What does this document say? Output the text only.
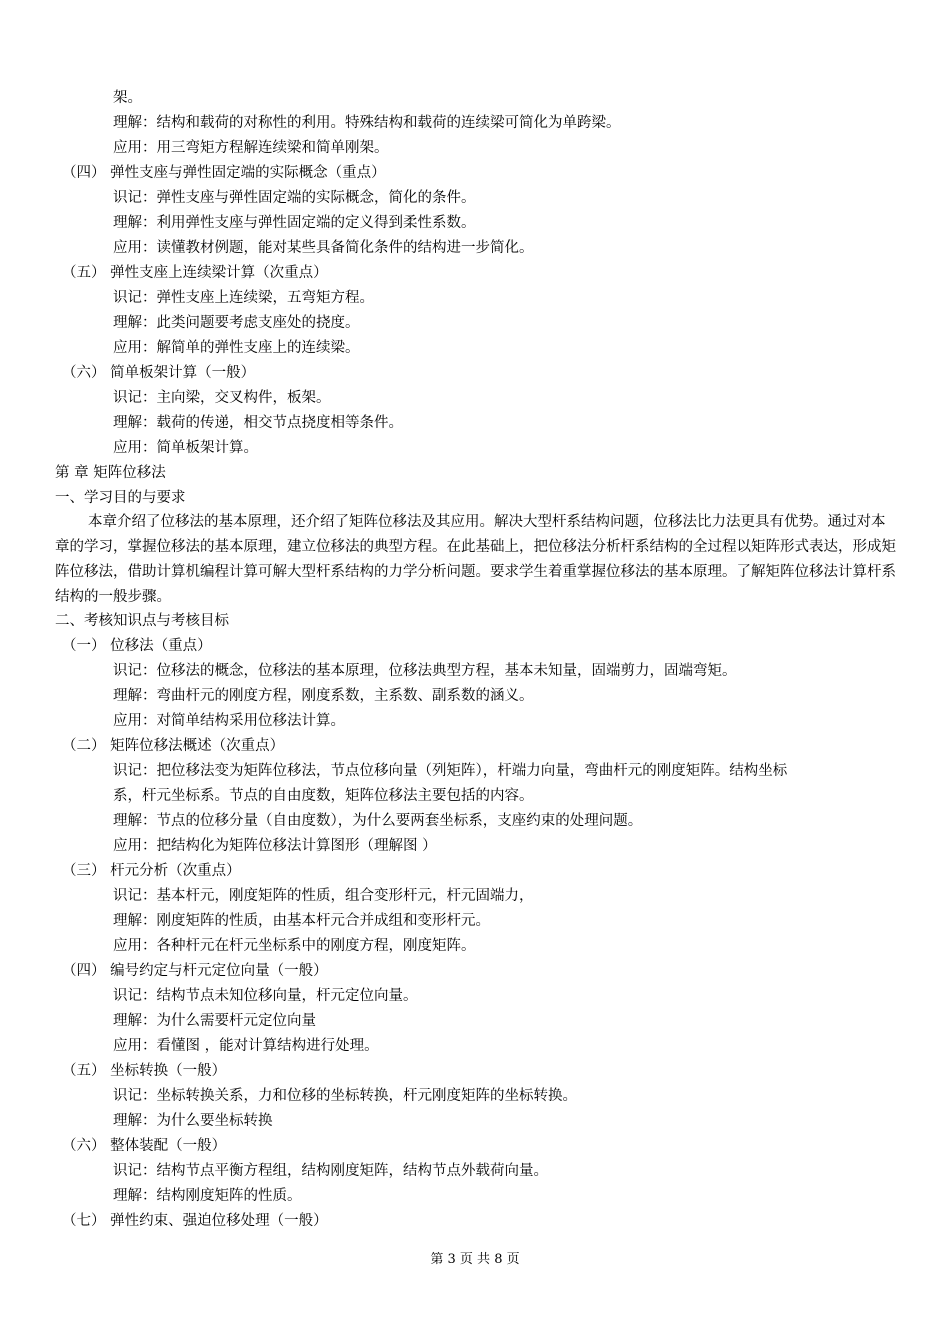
架。
理解：结构和载荷的对称性的利用。特殊结构和载荷的连续梁可简化为单跨梁。
应用：用三弯矩方程解连续梁和简单刚架。
（四） 弹性支座与弹性固定端的实际概念（重点）
识记：弹性支座与弹性固定端的实际概念，简化的条件。
理解：利用弹性支座与弹性固定端的定义得到柔性系数。
应用：读懂教材例题，能对某些具备简化条件的结构进一步简化。
（五） 弹性支座上连续梁计算（次重点）
识记：弹性支座上连续梁，五弯矩方程。
理解：此类问题要考虑支座处的挠度。
应用：解简单的弹性支座上的连续梁。
（六） 简单板架计算（一般）
识记：主向梁，交叉构件，板架。
理解：载荷的传递，相交节点挠度相等条件。
应用：简单板架计算。
第 章 矩阵位移法
一、学习目的与要求
本章介绍了位移法的基本原理，还介绍了矩阵位移法及其应用。解决大型杆系结构问题，位移法比力法更具有优势。通过对本章的学习，掌握位移法的基本原理，建立位移法的典型方程。在此基础上，把位移法分析杆系结构的全过程以矩阵形式表达，形成矩阵位移法，借助计算机编程计算可解大型杆系结构的力学分析问题。要求学生着重掌握位移法的基本原理。了解矩阵位移法计算杆系结构的一般步骤。
二、考核知识点与考核目标
（一） 位移法（重点）
识记：位移法的概念，位移法的基本原理，位移法典型方程，基本未知量，固端剪力，固端弯矩。
理解：弯曲杆元的刚度方程，刚度系数，主系数、副系数的涵义。
应用：对简单结构采用位移法计算。
（二） 矩阵位移法概述（次重点）
识记：把位移法变为矩阵位移法，节点位移向量（列矩阵），杆端力向量，弯曲杆元的刚度矩阵。结构坐标
系，杆元坐标系。节点的自由度数，矩阵位移法主要包括的内容。
理解：节点的位移分量（自由度数），为什么要两套坐标系，支座约束的处理问题。
应用：把结构化为矩阵位移法计算图形（理解图 ）
（三） 杆元分析（次重点）
识记：基本杆元，刚度矩阵的性质，组合变形杆元，杆元固端力，
理解：刚度矩阵的性质，由基本杆元合并成组和变形杆元。
应用：各种杆元在杆元坐标系中的刚度方程，刚度矩阵。
（四） 编号约定与杆元定位向量（一般）
识记：结构节点未知位移向量，杆元定位向量。
理解：为什么需要杆元定位向量
应用：看懂图 ，能对计算结构进行处理。
（五） 坐标转换（一般）
识记：坐标转换关系，力和位移的坐标转换，杆元刚度矩阵的坐标转换。
理解：为什么要坐标转换
（六） 整体装配（一般）
识记：结构节点平衡方程组，结构刚度矩阵，结构节点外载荷向量。
理解：结构刚度矩阵的性质。
（七） 弹性约束、强迫位移处理（一般）
第 3 页 共 8 页
